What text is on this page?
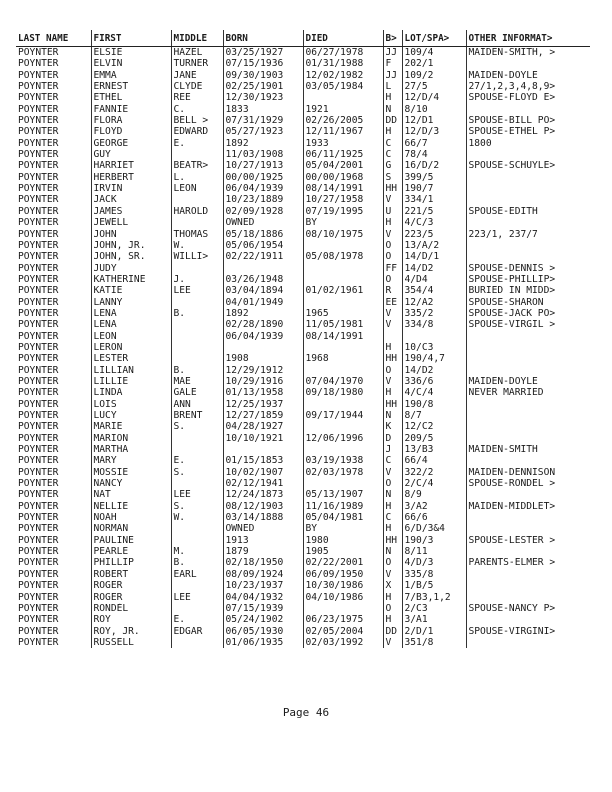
LAST NAME	FIRST	MIDDLE	BORN	DIED	B>	LOT/SPA>	OTHER INFORMAT>
POYNTER	ELSIE	HAZEL	03/25/1927	06/27/1978	JJ	109/4	MAIDEN-SMITH, >
POYNTER	ELVIN	TURNER	07/15/1936	01/31/1988	F	202/1	
POYNTER	EMMA	JANE	09/30/1903	12/02/1982	JJ	109/2	MAIDEN-DOYLE
POYNTER	ERNEST	CLYDE	02/25/1901	03/05/1984	L	27/5	27/1,2,3,4,8,9>
POYNTER	ETHEL	REE	12/30/1923		H	12/D/4	SPOUSE-FLOYD E>
POYNTER	FANNIE	C.	1833	1921	N	8/10	
POYNTER	FLORA	BELL >	07/31/1929	02/26/2005	DD	12/D1	SPOUSE-BILL PO>
POYNTER	FLOYD	EDWARD	05/27/1923	12/11/1967	H	12/D/3	SPOUSE-ETHEL P>
POYNTER	GEORGE	E.	1892	1933	C	66/7	1800
POYNTER	GUY		11/03/1908	06/11/1925	C	78/4	
POYNTER	HARRIET	BEATR>	10/27/1913	05/04/2001	G	16/D/2	SPOUSE-SCHUYLE>
POYNTER	HERBERT	L.	00/00/1925	00/00/1968	S	399/5	
POYNTER	IRVIN	LEON	06/04/1939	08/14/1991	HH	190/7	
POYNTER	JACK		10/23/1889	10/27/1958	V	334/1	
POYNTER	JAMES	HAROLD	02/09/1928	07/19/1995	U	221/5	SPOUSE-EDITH
POYNTER	JEWELL		OWNED	BY	H	4/C/3	
POYNTER	JOHN	THOMAS	05/18/1886	08/10/1975	V	223/5	223/1, 237/7
POYNTER	JOHN, JR.	W.	05/06/1954		O	13/A/2	
POYNTER	JOHN, SR.	WILLI>	02/22/1911	05/08/1978	O	14/D/1	
POYNTER	JUDY				FF	14/D2	SPOUSE-DENNIS >
POYNTER	KATHERINE	J.	03/26/1948		O	4/D4	SPOUSE-PHILLIP>
POYNTER	KATIE	LEE	03/04/1894	01/02/1961	R	354/4	BURIED IN MIDD>
POYNTER	LANNY		04/01/1949		EE	12/A2	SPOUSE-SHARON
POYNTER	LENA	B.	1892	1965	V	335/2	SPOUSE-JACK PO>
POYNTER	LENA		02/28/1890	11/05/1981	V	334/8	SPOUSE-VIRGIL >
POYNTER	LEON		06/04/1939	08/14/1991			
POYNTER	LERON				H	10/C3	
POYNTER	LESTER		1908	1968	HH	190/4,7	
POYNTER	LILLIAN	B.	12/29/1912		O	14/D2	
POYNTER	LILLIE	MAE	10/29/1916	07/04/1970	V	336/6	MAIDEN-DOYLE
POYNTER	LINDA	GALE	01/13/1958	09/18/1980	H	4/C/4	NEVER MARRIED
POYNTER	LOIS	ANN	12/25/1937		HH	190/8	
POYNTER	LUCY	BRENT	12/27/1859	09/17/1944	N	8/7	
POYNTER	MARIE	S.	04/28/1927		K	12/C2	
POYNTER	MARION		10/10/1921	12/06/1996	D	209/5	
POYNTER	MARTHA				J	13/B3	MAIDEN-SMITH
POYNTER	MARY	E.	01/15/1853	03/19/1938	C	66/4	
POYNTER	MOSSIE	S.	10/02/1907	02/03/1978	V	322/2	MAIDEN-DENNISON
POYNTER	NANCY		02/12/1941		O	2/C/4	SPOUSE-RONDEL >
POYNTER	NAT	LEE	12/24/1873	05/13/1907	N	8/9	
POYNTER	NELLIE	S.	08/12/1903	11/16/1989	H	3/A2	MAIDEN-MIDDLET>
POYNTER	NOAH	W.	03/14/1888	05/04/1981	C	66/6	
POYNTER	NORMAN		OWNED	BY	H	6/D/3&4	
POYNTER	PAULINE		1913	1980	HH	190/3	SPOUSE-LESTER >
POYNTER	PEARLE	M.	1879	1905	N	8/11	
POYNTER	PHILLIP	B.	02/18/1950	02/22/2001	O	4/D/3	PARENTS-ELMER >
POYNTER	ROBERT	EARL	08/09/1924	06/09/1950	V	335/8	
POYNTER	ROGER		10/23/1937	10/30/1986	X	1/B/5	
POYNTER	ROGER	LEE	04/04/1932	04/10/1986	H	7/B3,1,2	
POYNTER	RONDÈL		07/15/1939		O	2/C3	SPOUSE-NANCY P>
POYNTER	ROY	E.	05/24/1902	06/23/1975	H	3/A1	
POYNTER	ROY, JR.	EDGAR	06/05/1930	02/05/2004	DD	2/D/1	SPOUSE-VIRGINI>
POYNTER	RUSSELL		01/06/1935	02/03/1992	V	351/8	
Page 46
